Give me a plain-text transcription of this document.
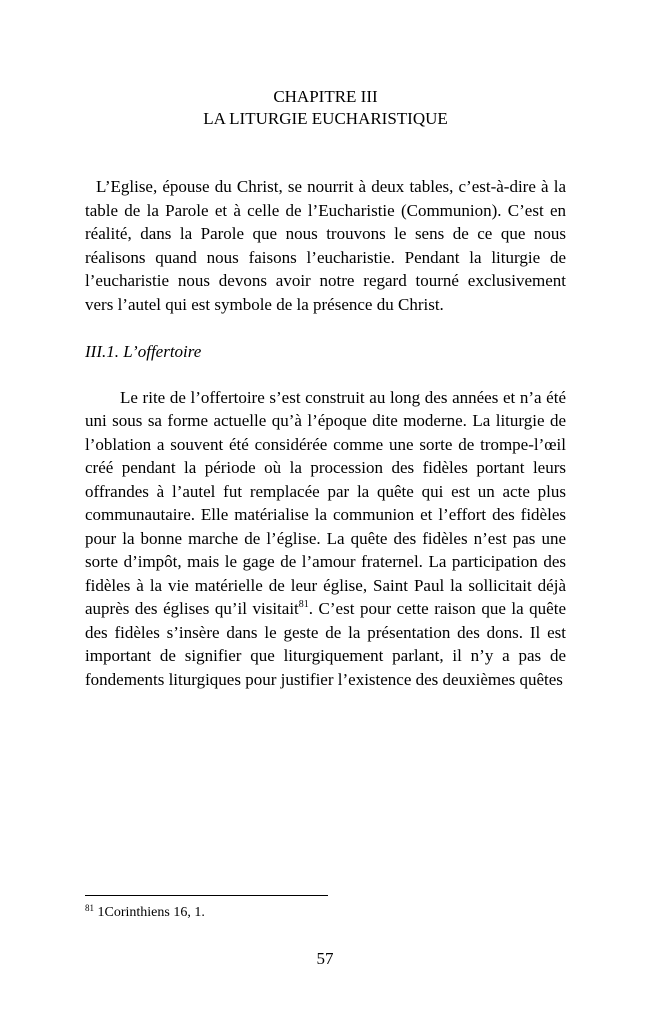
CHAPITRE III

LA LITURGIE EUCHARISTIQUE

L’Eglise, épouse du Christ, se nourrit à deux tables, c’est-à-dire à la table de la Parole et à celle de l’Eucharistie (Communion). C’est en réalité, dans la Parole que nous trouvons le sens de ce que nous réalisons quand nous faisons l’eucharistie. Pendant la liturgie de l’eucharistie nous devons avoir notre regard tourné exclusivement vers l’autel qui est symbole de la présence du Christ.

III.1. L’offertoire

Le rite de l’offertoire s’est construit au long des années et n’a été uni sous sa forme actuelle qu’à l’époque dite moderne. La liturgie de l’oblation a souvent été considérée comme une sorte de trompe-l’œil créé pendant la période où la procession des fidèles portant leurs offrandes à l’autel fut remplacée par la quête qui est un acte plus communautaire. Elle matérialise la communion et l’effort des fidèles pour la bonne marche de l’église. La quête des fidèles n’est pas une sorte d’impôt, mais le gage de l’amour fraternel. La participation des fidèles à la vie matérielle de leur église, Saint Paul la sollicitait déjà auprès des églises qu’il visitait$^{81}$. C’est pour cette raison que la quête des fidèles s’insère dans le geste de la présentation des dons. Il est important de signifier que liturgiquement parlant, il n’y a pas de fondements liturgiques pour justifier l’existence des deuxièmes quêtes

$^{81}$ 1Corinthiens 16, 1.

57
